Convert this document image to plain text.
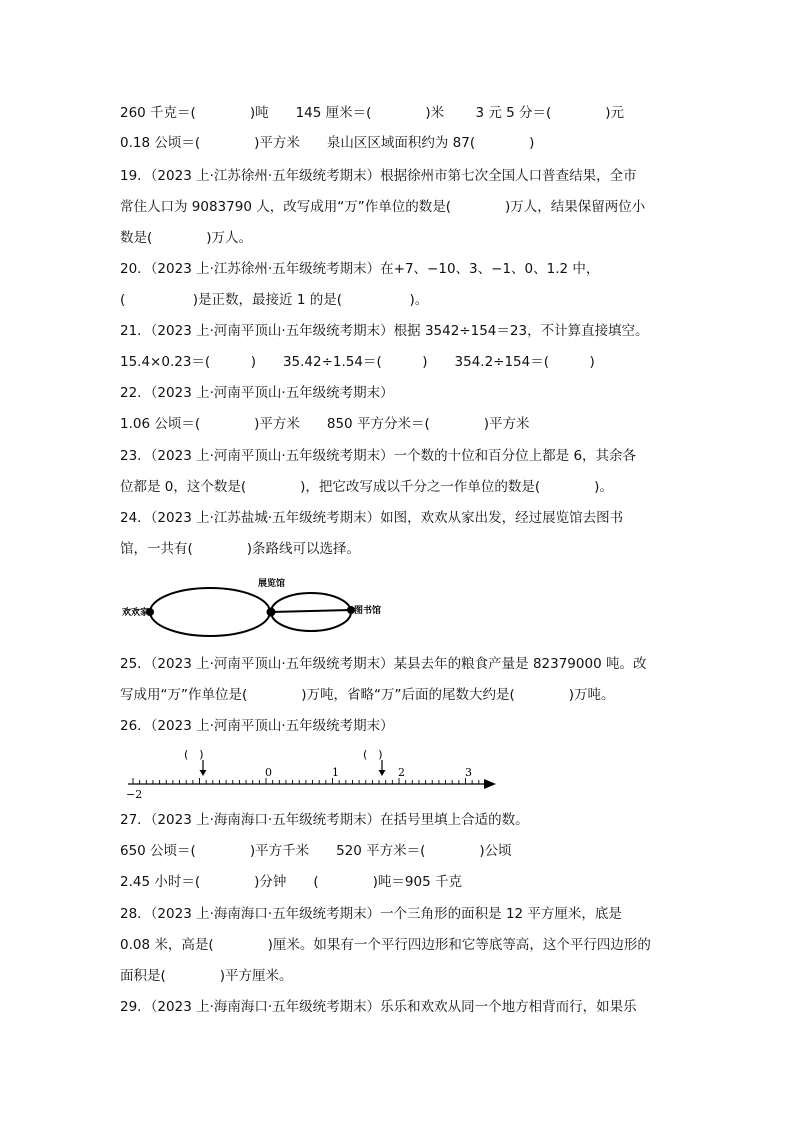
260 千克＝(　　　　)吨　　145 厘米＝(　　　　)米　　 3 元 5 分＝(　　　　)元
0.18 公顷＝(　　　　)平方米　　泉山区区域面积约为 87(　　　　)
19．（2023 上·江苏徐州·五年级统考期末）根据徐州市第七次全国人口普查结果，全市
常住人口为 9083790 人，改写成用“万”作单位的数是(　　　　)万人，结果保留两位小
数是(　　　　)万人。
20．（2023 上·江苏徐州·五年级统考期末）在+7、−10、3、−1、0、1.2 中，
(　　　　　)是正数，最接近 1 的是(　　　　　)。
21．（2023 上·河南平顶山·五年级统考期末）根据 3542÷154＝23，不计算直接填空。
15.4×0.23＝(　　　)　　35.42÷1.54＝(　　　)　　354.2÷154＝(　　　)
22．（2023 上·河南平顶山·五年级统考期末）
1.06 公顷＝(　　　　)平方米　　850 平方分米＝(　　　　)平方米
23．（2023 上·河南平顶山·五年级统考期末）一个数的十位和百分位上都是 6，其余各
位都是 0，这个数是(　　　　)，把它改写成以千分之一作单位的数是(　　　　)。
24．（2023 上·江苏盐城·五年级统考期末）如图，欢欢从家出发，经过展览馆去图书
馆，一共有(　　　　)条路线可以选择。
欢欢家
展览馆
图书馆
25．（2023 上·河南平顶山·五年级统考期末）某县去年的粮食产量是 82379000 吨。改
写成用“万”作单位是(　　　　)万吨，省略“万”后面的尾数大约是(　　　　)万吨。
26．（2023 上·河南平顶山·五年级统考期末）
−2
0	1	2	3
(　)	(　)
27．（2023 上·海南海口·五年级统考期末）在括号里填上合适的数。
650 公顷＝(　　　　)平方千米　　520 平方米＝(　　　　)公顷
2.45 小时＝(　　　　)分钟　　(　　　　)吨＝905 千克
28．（2023 上·海南海口·五年级统考期末）一个三角形的面积是 12 平方厘米，底是
0.08 米，高是(　　　　)厘米。如果有一个平行四边形和它等底等高，这个平行四边形的
面积是(　　　　)平方厘米。
29．（2023 上·海南海口·五年级统考期末）乐乐和欢欢从同一个地方相背而行，如果乐
